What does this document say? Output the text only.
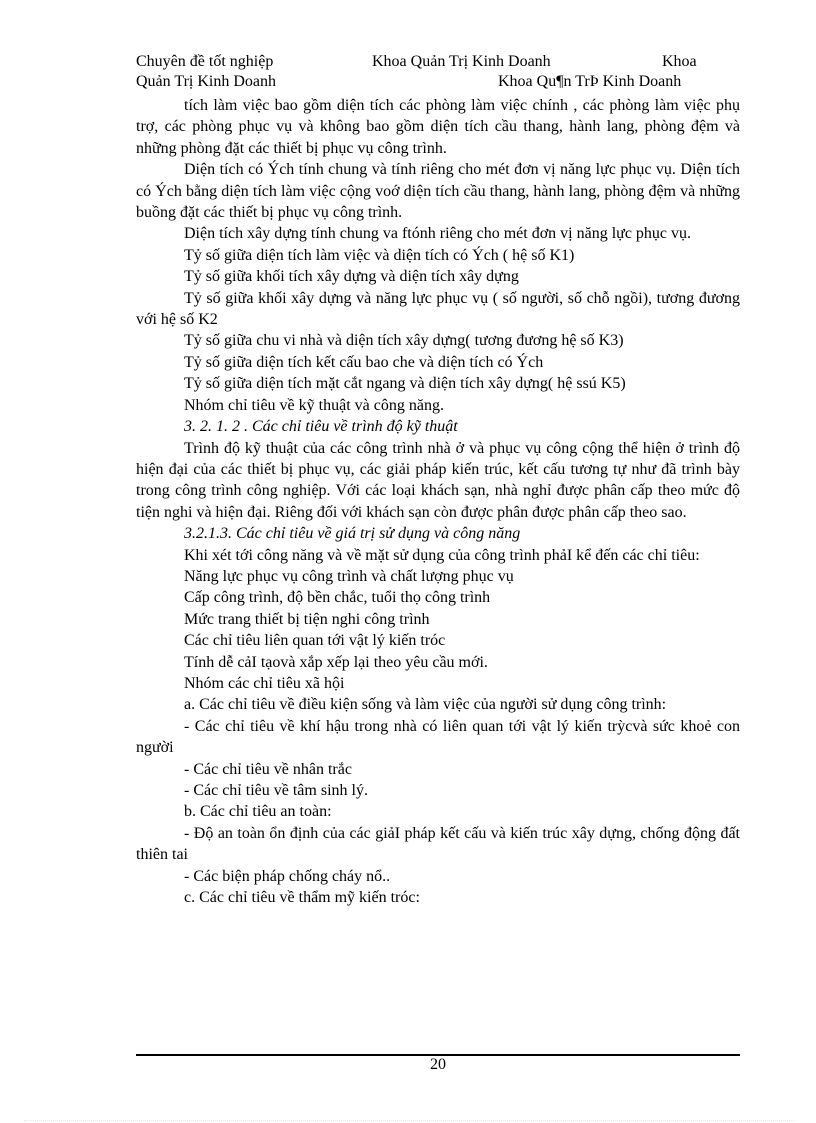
Chuyên đề tốt nghiệp	Khoa Quản Trị Kinh Doanh	Khoa
Quản Trị Kinh Doanh	Khoa Qu¶n TrÞ Kinh Doanh

tích làm việc bao gồm diện tích các phòng làm việc chính , các phòng làm việc phụ trợ, các phòng phục vụ và không bao gồm diện tích cầu thang, hành lang, phòng đệm và những phòng đặt các thiết bị phục vụ công trình.

Diện tích có Ých tính chung và tính riêng cho mét đơn vị năng lực phục vụ. Diện tích có Ých bằng diện tích làm việc cộng voớ diện tích cầu thang, hành lang, phòng đệm và những buồng đặt các thiết bị phục vụ công trình.

Diện tích xây dựng tính chung va ftónh riêng cho mét đơn vị năng lực phục vụ.

Tỷ số giữa diện tích làm việc và diện tích có Ých ( hệ số K1)

Tỷ số giữa khối tích xây dựng và diện tích xây dựng

Tỷ số giữa khối xây dựng và năng lực phục vụ ( số người, số chỗ ngồi), tương đương với hệ số K2

Tỷ số giữa chu vi nhà và diện tích xây dựng( tương đương hệ số K3)

Tỷ số giữa diện tích kết cấu bao che và diện tích có Ých

Tỷ số giữa diện tích mặt cắt ngang và diện tích xây dựng( hệ ssú K5)

Nhóm chỉ tiêu về kỹ thuật và công năng.

3. 2. 1. 2 . Các chỉ tiêu về trình độ kỹ thuật

Trình độ kỹ thuật của các công trình nhà ở và phục vụ công cộng thể hiện ở trình độ hiện đại của các thiết bị phục vụ, các giải pháp kiến trúc, kết cấu tương tự như đã trình bày trong công trình công nghiệp. Với các loại khách sạn, nhà nghỉ được phân cấp theo mức độ tiện nghi và hiện đại. Riêng đối với khách sạn còn được phân được phân cấp theo sao.

3.2.1.3. Các chỉ tiêu về giá trị sử dụng và công năng

Khi xét tới công năng và về mặt sử dụng của công trình phảI kể đến các chỉ tiêu:

Năng lực phục vụ công trình và chất lượng phục vụ

Cấp công trình, độ bền chắc, tuổi thọ công trình

Mức trang thiết bị tiện nghi công trình

Các chỉ tiêu liên quan tới vật lý kiến tróc

Tính dễ cảI tạovà xắp xếp lại theo yêu cầu mới.

Nhóm các chỉ tiêu xã hội

a. Các chỉ tiêu về điều kiện sống và làm việc của người sử dụng công trình:

- Các chỉ tiêu về khí hậu trong nhà có liên quan tới vật lý kiến trỳcvà sức khoẻ con người

- Các chỉ tiêu về nhân trắc

- Các chỉ tiêu về tâm sinh lý.

b. Các chỉ tiêu an toàn:

- Độ an toàn ổn định của các giảI pháp kết cấu và kiến trúc xây dựng, chống động đất thiên tai

- Các biện pháp chống cháy nổ..

c. Các chỉ tiêu về thẩm mỹ kiến tróc:

20
